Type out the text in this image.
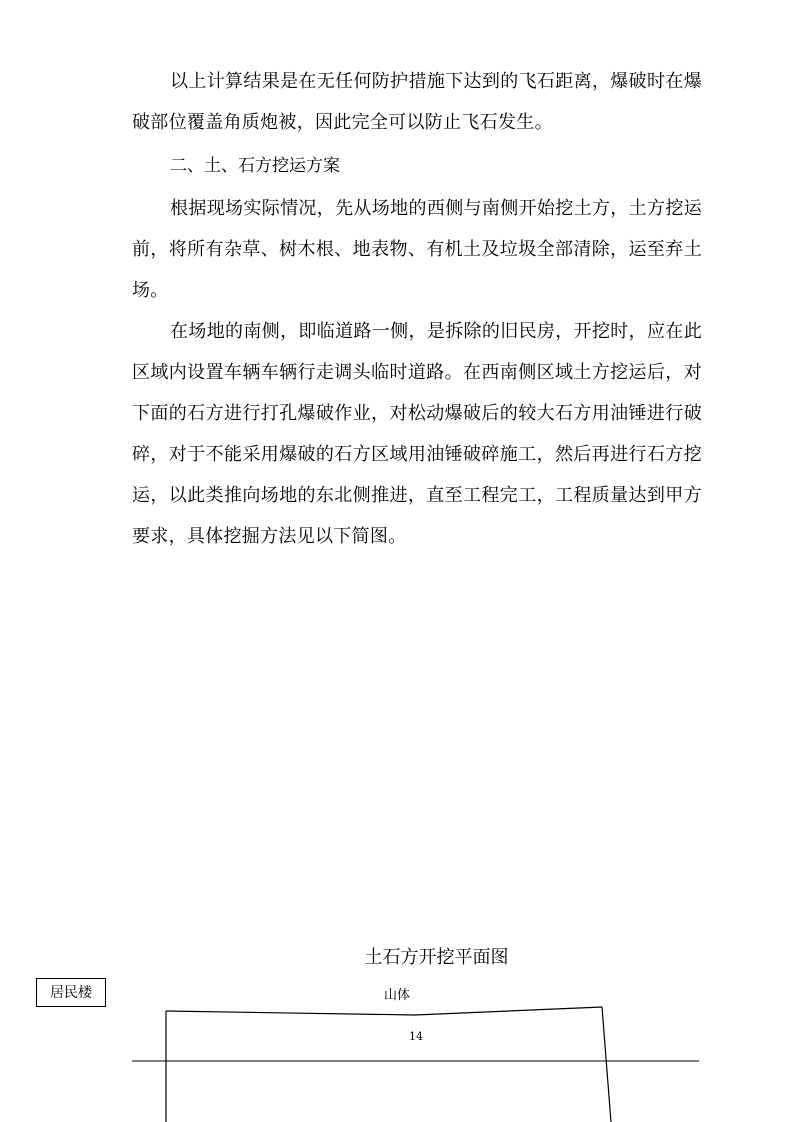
以上计算结果是在无任何防护措施下达到的飞石距离，爆破时在爆破部位覆盖角质炮被，因此完全可以防止飞石发生。

二、土、石方挖运方案

根据现场实际情况，先从场地的西侧与南侧开始挖土方，土方挖运前，将所有杂草、树木根、地表物、有机土及垃圾全部清除，运至弃土场。

在场地的南侧，即临道路一侧，是拆除的旧民房，开挖时，应在此区域内设置车辆车辆行走调头临时道路。在西南侧区域土方挖运后，对下面的石方进行打孔爆破作业，对松动爆破后的较大石方用油锤进行破碎，对于不能采用爆破的石方区域用油锤破碎施工，然后再进行石方挖运，以此类推向场地的东北侧推进，直至工程完工，工程质量达到甲方要求，具体挖掘方法见以下简图。

土石方开挖平面图
居民楼	山体
14
